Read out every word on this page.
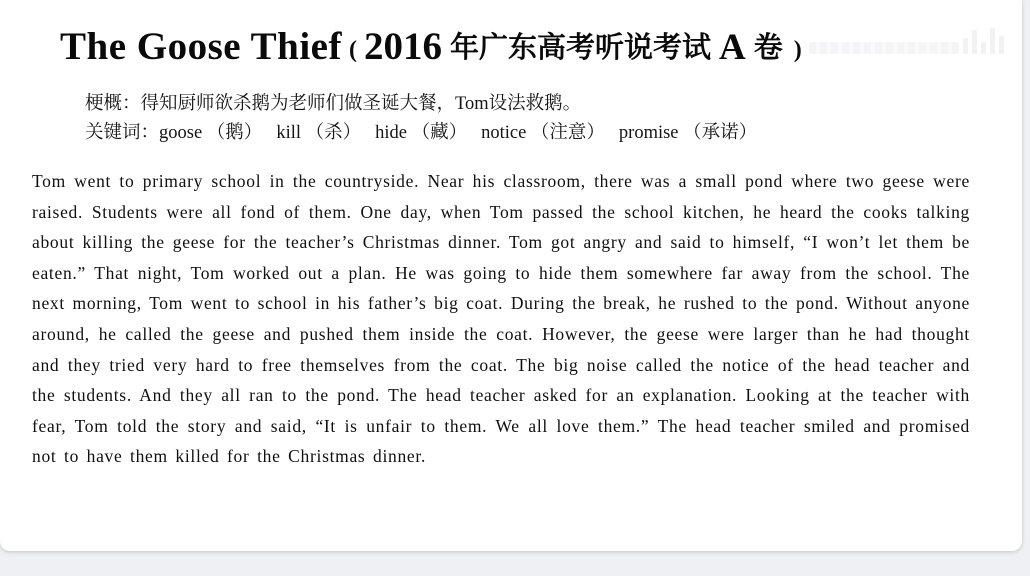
The Goose Thief ( 2016 年广东高考听说考试 A 卷 )
梗概：得知厨师欲杀鹅为老师们做圣诞大餐，Tom设法救鹅。
关键词：goose （鹅） kill （杀） hide （藏） notice （注意） promise （承诺）
Tom went to primary school in the countryside. Near his classroom, there was a small pond where two geese were raised. Students were all fond of them. One day, when Tom passed the school kitchen, he heard the cooks talking about killing the geese for the teacher’s Christmas dinner. Tom got angry and said to himself, “I won’t let them be eaten.” That night, Tom worked out a plan. He was going to hide them somewhere far away from the school. The next morning, Tom went to school in his father’s big coat. During the break, he rushed to the pond. Without anyone around, he called the geese and pushed them inside the coat. However, the geese were larger than he had thought and they tried very hard to free themselves from the coat. The big noise called the notice of the head teacher and the students. And they all ran to the pond. The head teacher asked for an explanation. Looking at the teacher with fear, Tom told the story and said, “It is unfair to them. We all love them.” The head teacher smiled and promised not to have them killed for the Christmas dinner.
